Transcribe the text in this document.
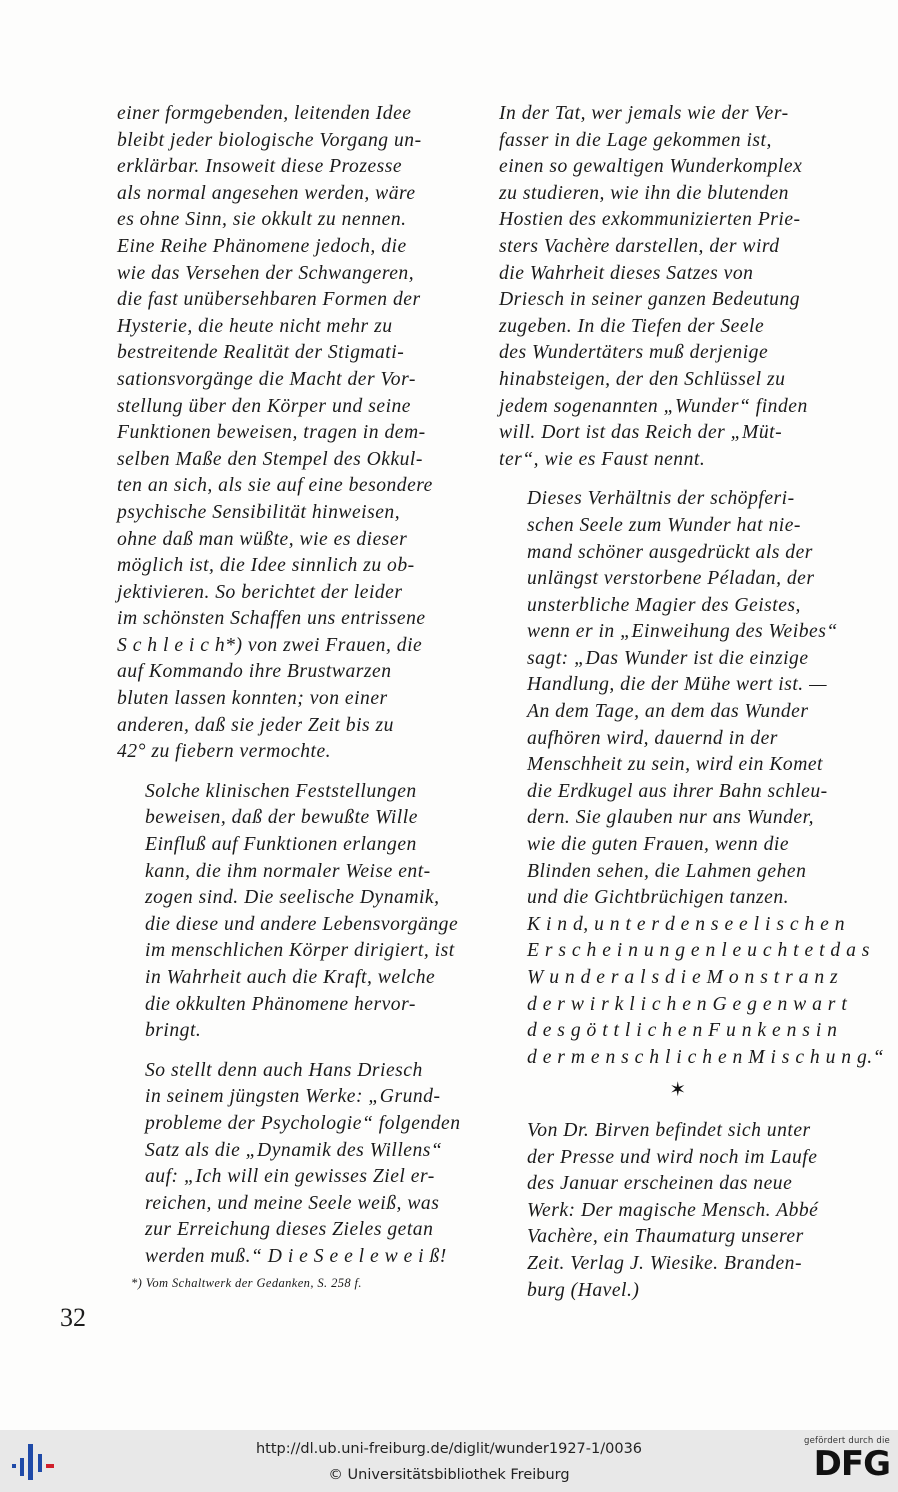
einer formgebenden, leitenden Idee
bleibt jeder biologische Vorgang un-
erklärbar. Insoweit diese Prozesse
als normal angesehen werden, wäre
es ohne Sinn, sie okkult zu nennen.
Eine Reihe Phänomene jedoch, die
wie das Versehen der Schwangeren,
die fast unübersehbaren Formen der
Hysterie, die heute nicht mehr zu
bestreitende Realität der Stigmati-
sationsvorgänge die Macht der Vor-
stellung über den Körper und seine
Funktionen beweisen, tragen in dem-
selben Maße den Stempel des Okkul-
ten an sich, als sie auf eine besondere
psychische Sensibilität hinweisen,
ohne daß man wüßte, wie es dieser
möglich ist, die Idee sinnlich zu ob-
jektivieren. So berichtet der leider
im schönsten Schaffen uns entrissene
S c h l e i c h*) von zwei Frauen, die
auf Kommando ihre Brustwarzen
bluten lassen konnten; von einer
anderen, daß sie jeder Zeit bis zu
42° zu fiebern vermochte.

Solche klinischen Feststellungen
beweisen, daß der bewußte Wille
Einfluß auf Funktionen erlangen
kann, die ihm normaler Weise ent-
zogen sind. Die seelische Dynamik,
die diese und andere Lebensvorgänge
im menschlichen Körper dirigiert, ist
in Wahrheit auch die Kraft, welche
die okkulten Phänomene hervor-
bringt.

So stellt denn auch Hans Driesch
in seinem jüngsten Werke: „Grund-
probleme der Psychologie“ folgenden
Satz als die „Dynamik des Willens“
auf: „Ich will ein gewisses Ziel er-
reichen, und meine Seele weiß, was
zur Erreichung dieses Zieles getan
werden muß.“ D i e S e e l e w e i ß!

*) Vom Schaltwerk der Gedanken, S. 258 f.

In der Tat, wer jemals wie der Ver-
fasser in die Lage gekommen ist,
einen so gewaltigen Wunderkomplex
zu studieren, wie ihn die blutenden
Hostien des exkommunizierten Prie-
sters Vachère darstellen, der wird
die Wahrheit dieses Satzes von
Driesch in seiner ganzen Bedeutung
zugeben. In die Tiefen der Seele
des Wundertäters muß derjenige
hinabsteigen, der den Schlüssel zu
jedem sogenannten „Wunder“ finden
will. Dort ist das Reich der „Müt-
ter“, wie es Faust nennt.

Dieses Verhältnis der schöpferi-
schen Seele zum Wunder hat nie-
mand schöner ausgedrückt als der
unlängst verstorbene Péladan, der
unsterbliche Magier des Geistes,
wenn er in „Einweihung des Weibes“
sagt: „Das Wunder ist die einzige
Handlung, die der Mühe wert ist. —
An dem Tage, an dem das Wunder
aufhören wird, dauernd in der
Menschheit zu sein, wird ein Komet
die Erdkugel aus ihrer Bahn schleu-
dern. Sie glauben nur ans Wunder,
wie die guten Frauen, wenn die
Blinden sehen, die Lahmen gehen
und die Gichtbrüchigen tanzen.
K i n d, u n t e r d e n s e e l i s c h e n
E r s c h e i n u n g e n l e u c h t e t d a s
W u n d e r a l s d i e M o n s t r a n z
d e r w i r k l i c h e n G e g e n w a r t
d e s g ö t t l i c h e n F u n k e n s i n
d e r m e n s c h l i c h e n M i s c h u n g.“

✶

Von Dr. Birven befindet sich unter
der Presse und wird noch im Laufe
des Januar erscheinen das neue
Werk: Der magische Mensch. Abbé
Vachère, ein Thaumaturg unserer
Zeit. Verlag J. Wiesike. Branden-
burg (Havel.)

32
http://dl.ub.uni-freiburg.de/diglit/wunder1927-1/0036
© Universitätsbibliothek Freiburg
gefördert durch die
DFG
